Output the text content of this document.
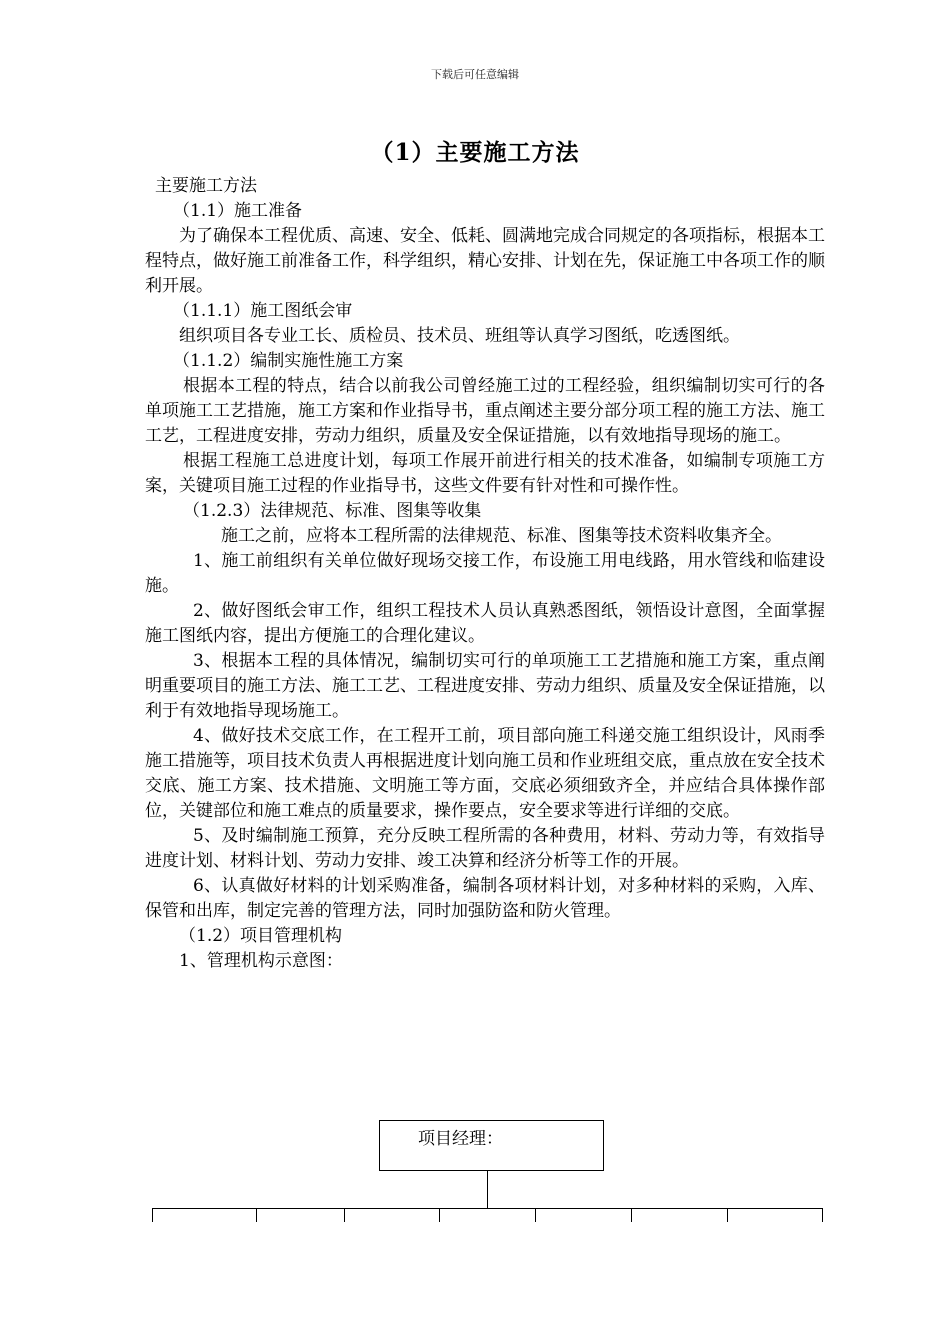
下载后可任意编辑
（1）主要施工方法

主要施工方法

（1.1）施工准备

为了确保本工程优质、高速、安全、低耗、圆满地完成合同规定的各项指标，根据本工程特点，做好施工前准备工作，科学组织，精心安排、计划在先，保证施工中各项工作的顺利开展。

（1.1.1）施工图纸会审

组织项目各专业工长、质检员、技术员、班组等认真学习图纸，吃透图纸。

（1.1.2）编制实施性施工方案

根据本工程的特点，结合以前我公司曾经施工过的工程经验，组织编制切实可行的各单项施工工艺措施，施工方案和作业指导书，重点阐述主要分部分项工程的施工方法、施工工艺，工程进度安排，劳动力组织，质量及安全保证措施，以有效地指导现场的施工。

根据工程施工总进度计划，每项工作展开前进行相关的技术准备，如编制专项施工方案，关键项目施工过程的作业指导书，这些文件要有针对性和可操作性。

（1.2.3）法律规范、标准、图集等收集

施工之前，应将本工程所需的法律规范、标准、图集等技术资料收集齐全。

1、施工前组织有关单位做好现场交接工作，布设施工用电线路，用水管线和临建设施。

2、做好图纸会审工作，组织工程技术人员认真熟悉图纸，领悟设计意图，全面掌握施工图纸内容，提出方便施工的合理化建议。

3、根据本工程的具体情况，编制切实可行的单项施工工艺措施和施工方案，重点阐明重要项目的施工方法、施工工艺、工程进度安排、劳动力组织、质量及安全保证措施，以利于有效地指导现场施工。

4、做好技术交底工作，在工程开工前，项目部向施工科递交施工组织设计，风雨季施工措施等，项目技术负责人再根据进度计划向施工员和作业班组交底，重点放在安全技术交底、施工方案、技术措施、文明施工等方面，交底必须细致齐全，并应结合具体操作部位，关键部位和施工难点的质量要求，操作要点，安全要求等进行详细的交底。

5、及时编制施工预算，充分反映工程所需的各种费用，材料、劳动力等，有效指导进度计划、材料计划、劳动力安排、竣工决算和经济分析等工作的开展。

6、认真做好材料的计划采购准备，编制各项材料计划，对多种材料的采购，入库、保管和出库，制定完善的管理方法，同时加强防盗和防火管理。

（1.2）项目管理机构

1、管理机构示意图：

项目经理：
